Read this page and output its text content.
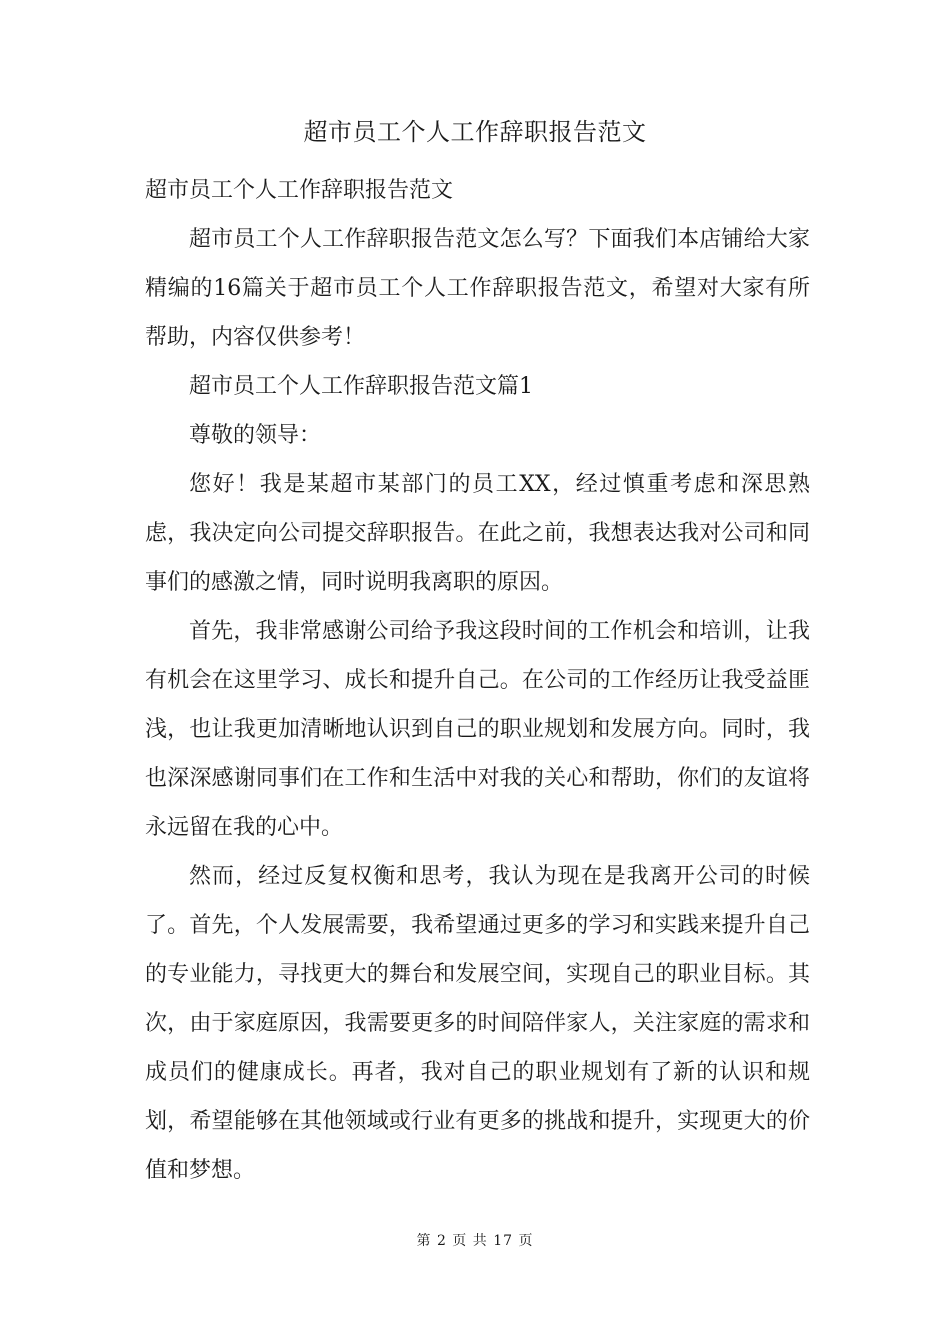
超市员工个人工作辞职报告范文

超市员工个人工作辞职报告范文

超市员工个人工作辞职报告范文怎么写？下面我们本店铺给大家精编的16篇关于超市员工个人工作辞职报告范文，希望对大家有所帮助，内容仅供参考！

超市员工个人工作辞职报告范文篇1

尊敬的领导：

您好！我是某超市某部门的员工XX，经过慎重考虑和深思熟虑，我决定向公司提交辞职报告。在此之前，我想表达我对公司和同事们的感激之情，同时说明我离职的原因。

首先，我非常感谢公司给予我这段时间的工作机会和培训，让我有机会在这里学习、成长和提升自己。在公司的工作经历让我受益匪浅，也让我更加清晰地认识到自己的职业规划和发展方向。同时，我也深深感谢同事们在工作和生活中对我的关心和帮助，你们的友谊将永远留在我的心中。

然而，经过反复权衡和思考，我认为现在是我离开公司的时候了。首先，个人发展需要，我希望通过更多的学习和实践来提升自己的专业能力，寻找更大的舞台和发展空间，实现自己的职业目标。其次，由于家庭原因，我需要更多的时间陪伴家人，关注家庭的需求和成员们的健康成长。再者，我对自己的职业规划有了新的认识和规划，希望能够在其他领域或行业有更多的挑战和提升，实现更大的价值和梦想。

第 2 页 共 17 页
